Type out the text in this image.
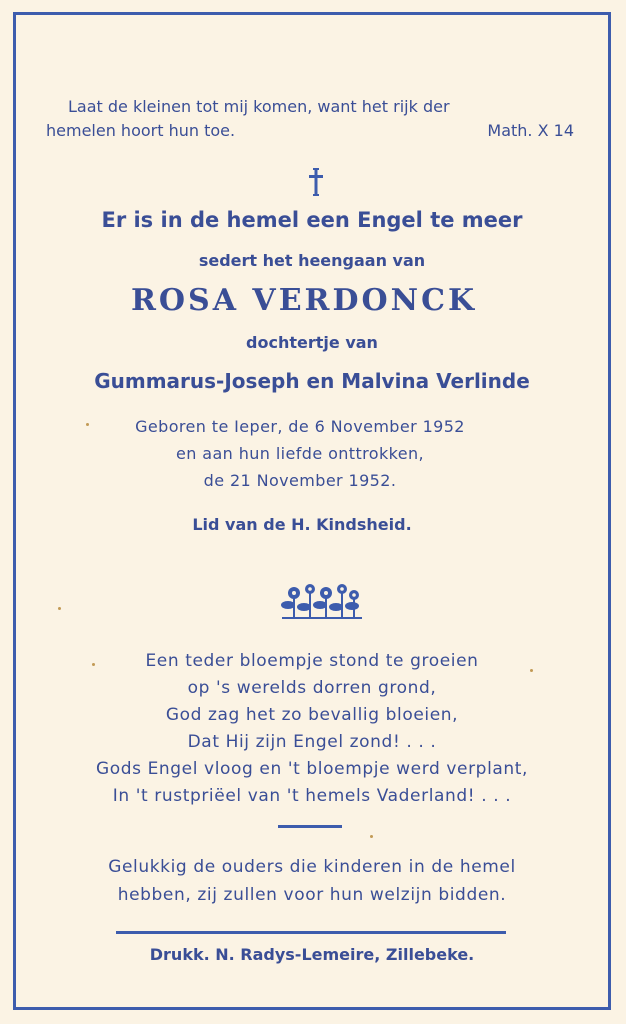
Laat de kleinen tot mij komen, want het rijk der
hemelen hoort hun toe.	Math. X 14
Er is in de hemel een Engel te meer
sedert het heengaan van
ROSA VERDONCK
dochtertje van
Gummarus-Joseph en Malvina Verlinde
Geboren te Ieper, de 6 November 1952
en aan hun liefde onttrokken,
de 21 November 1952.
Lid van de H. Kindsheid.
Een teder bloempje stond te groeien
op 's werelds dorren grond,
God zag het zo bevallig bloeien,
Dat Hij zijn Engel zond! . . .
Gods Engel vloog en 't bloempje werd verplant,
In 't rustpriëel van 't hemels Vaderland! . . .
Gelukkig de ouders die kinderen in de hemel
hebben, zij zullen voor hun welzijn bidden.
Drukk. N. Radys-Lemeire, Zillebeke.
